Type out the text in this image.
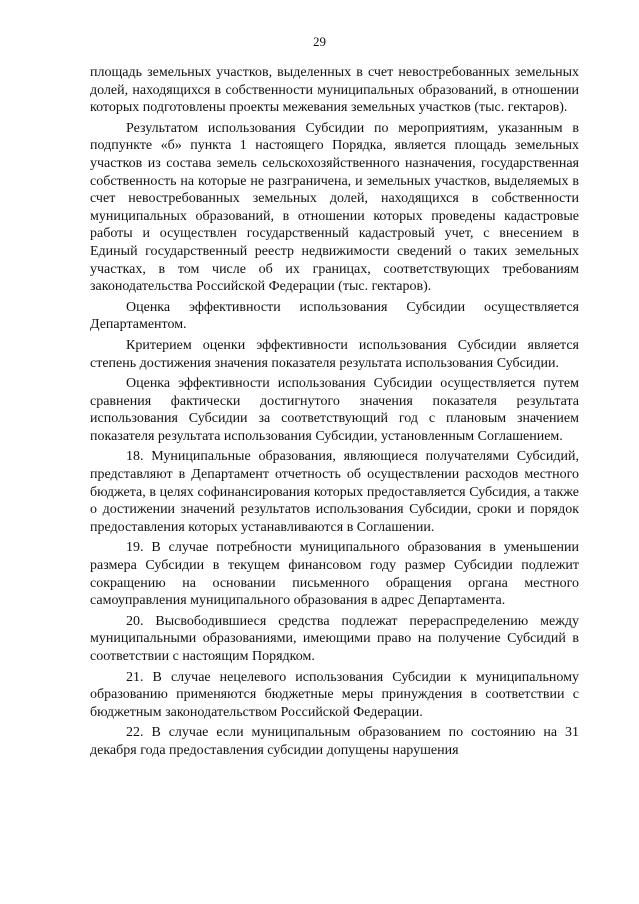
29

площадь земельных участков, выделенных в счет невостребованных земельных долей, находящихся в собственности муниципальных образований, в отношении которых подготовлены проекты межевания земельных участков (тыс. гектаров).

Результатом использования Субсидии по мероприятиям, указанным в подпункте «б» пункта 1 настоящего Порядка, является площадь земельных участков из состава земель сельскохозяйственного назначения, государственная собственность на которые не разграничена, и земельных участков, выделяемых в счет невостребованных земельных долей, находящихся в собственности муниципальных образований, в отношении которых проведены кадастровые работы и осуществлен государственный кадастровый учет, с внесением в Единый государственный реестр недвижимости сведений о таких земельных участках, в том числе об их границах, соответствующих требованиям законодательства Российской Федерации (тыс. гектаров).

Оценка эффективности использования Субсидии осуществляется Департаментом.

Критерием оценки эффективности использования Субсидии является степень достижения значения показателя результата использования Субсидии.

Оценка эффективности использования Субсидии осуществляется путем сравнения фактически достигнутого значения показателя результата использования Субсидии за соответствующий год с плановым значением показателя результата использования Субсидии, установленным Соглашением.

18. Муниципальные образования, являющиеся получателями Субсидий, представляют в Департамент отчетность об осуществлении расходов местного бюджета, в целях софинансирования которых предоставляется Субсидия, а также о достижении значений результатов использования Субсидии, сроки и порядок предоставления которых устанавливаются в Соглашении.

19. В случае потребности муниципального образования в уменьшении размера Субсидии в текущем финансовом году размер Субсидии подлежит сокращению на основании письменного обращения органа местного самоуправления муниципального образования в адрес Департамента.

20. Высвободившиеся средства подлежат перераспределению между муниципальными образованиями, имеющими право на получение Субсидий в соответствии с настоящим Порядком.

21. В случае нецелевого использования Субсидии к муниципальному образованию применяются бюджетные меры принуждения в соответствии с бюджетным законодательством Российской Федерации.

22. В случае если муниципальным образованием по состоянию на 31 декабря года предоставления субсидии допущены нарушения
